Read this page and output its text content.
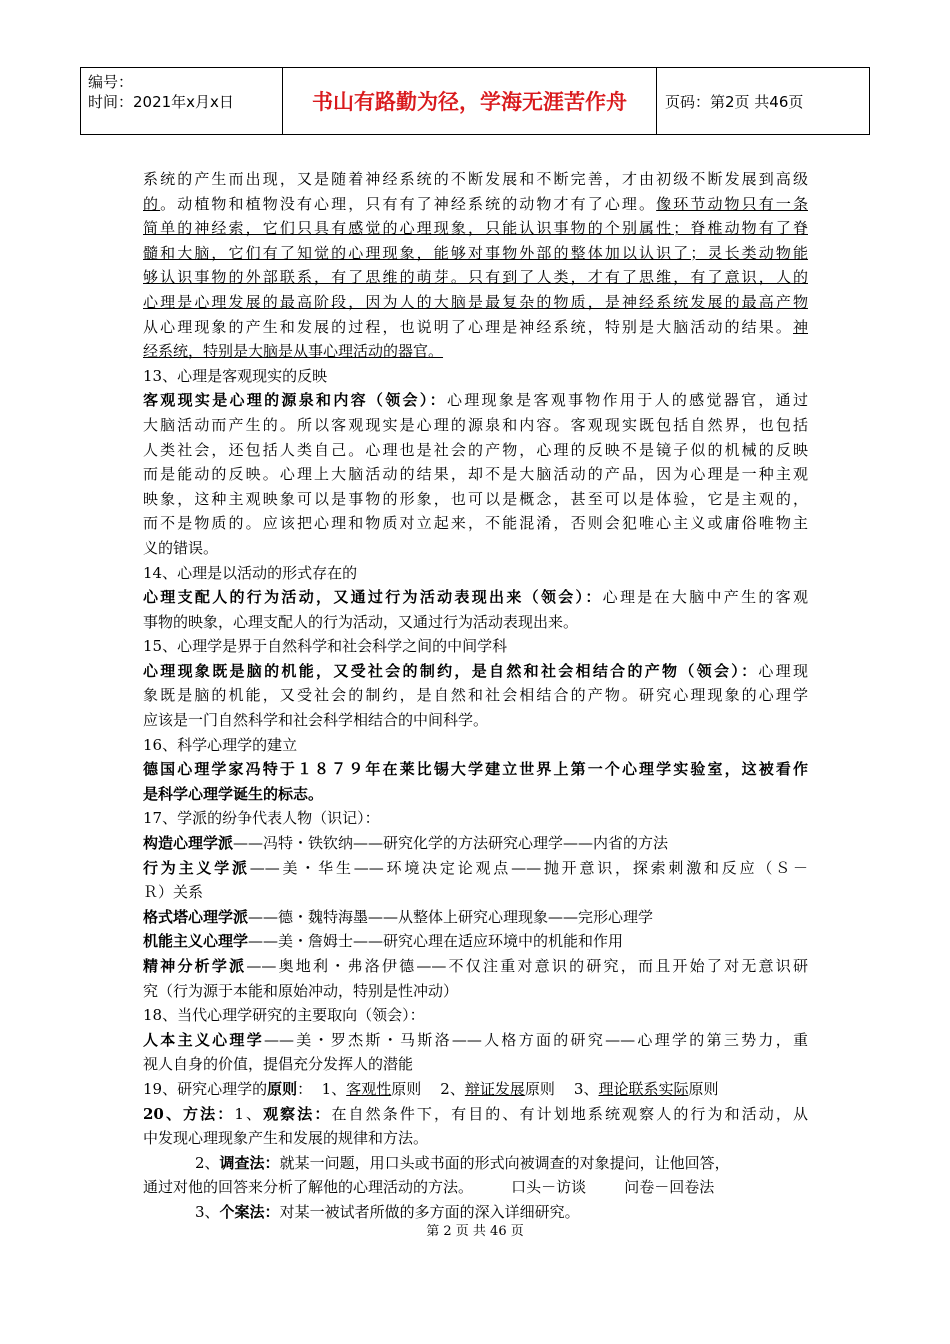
编号：
时间：2021年x月x日	书山有路勤为径，学海无涯苦作舟	页码：第2页 共46页
系统的产生而出现，又是随着神经系统的不断发展和不断完善，才由初级不断发展到高级
的。动植物和植物没有心理，只有有了神经系统的动物才有了心理。像环节动物只有一条
简单的神经索，它们只具有感觉的心理现象，只能认识事物的个别属性；脊椎动物有了脊
髓和大脑，它们有了知觉的心理现象，能够对事物外部的整体加以认识了；灵长类动物能
够认识事物的外部联系，有了思维的萌芽。只有到了人类，才有了思维，有了意识，人的
心理是心理发展的最高阶段，因为人的大脑是最复杂的物质，是神经系统发展的最高产物
从心理现象的产生和发展的过程，也说明了心理是神经系统，特别是大脑活动的结果。神
经系统，特别是大脑是从事心理活动的器官。
13、心理是客观现实的反映
客观现实是心理的源泉和内容（领会）：心理现象是客观事物作用于人的感觉器官，通过
大脑活动而产生的。所以客观现实是心理的源泉和内容。客观现实既包括自然界，也包括
人类社会，还包括人类自己。心理也是社会的产物，心理的反映不是镜子似的机械的反映
而是能动的反映。心理上大脑活动的结果，却不是大脑活动的产品，因为心理是一种主观
映象，这种主观映象可以是事物的形象，也可以是概念，甚至可以是体验，它是主观的，
而不是物质的。应该把心理和物质对立起来，不能混淆，否则会犯唯心主义或庸俗唯物主
义的错误。
14、心理是以活动的形式存在的
心理支配人的行为活动，又通过行为活动表现出来（领会）：心理是在大脑中产生的客观
事物的映象，心理支配人的行为活动，又通过行为活动表现出来。
15、心理学是界于自然科学和社会科学之间的中间学科
心理现象既是脑的机能，又受社会的制约，是自然和社会相结合的产物（领会）：心理现
象既是脑的机能，又受社会的制约，是自然和社会相结合的产物。研究心理现象的心理学
应该是一门自然科学和社会科学相结合的中间科学。
16、科学心理学的建立
德国心理学家冯特于１８７９年在莱比锡大学建立世界上第一个心理学实验室，这被看作
是科学心理学诞生的标志。
17、学派的纷争代表人物（识记）：
构造心理学派——冯特・铁钦纳——研究化学的方法研究心理学——内省的方法
行为主义学派——美・华生——环境决定论观点——抛开意识，探索刺激和反应（Ｓ－
Ｒ）关系
格式塔心理学派——德・魏特海墨——从整体上研究心理现象——完形心理学
机能主义心理学——美・詹姆士——研究心理在适应环境中的机能和作用
精神分析学派——奥地利・弗洛伊德——不仅注重对意识的研究，而且开始了对无意识研
究（行为源于本能和原始冲动，特别是性冲动）
18、当代心理学研究的主要取向（领会）：
人本主义心理学——美・罗杰斯・马斯洛——人格方面的研究——心理学的第三势力，重
视人自身的价值，提倡充分发挥人的潜能
19、研究心理学的原则：  1、客观性原则    2、辩证发展原则    3、理论联系实际原则
20、方法：1、观察法：在自然条件下，有目的、有计划地系统观察人的行为和活动，从
中发现心理现象产生和发展的规律和方法。
2、调查法：就某一问题，用口头或书面的形式向被调查的对象提问，让他回答，
通过对他的回答来分析了解他的心理活动的方法。        口头－访谈        问卷－回卷法
3、个案法：对某一被试者所做的多方面的深入详细研究。
第 2 页 共 46 页
